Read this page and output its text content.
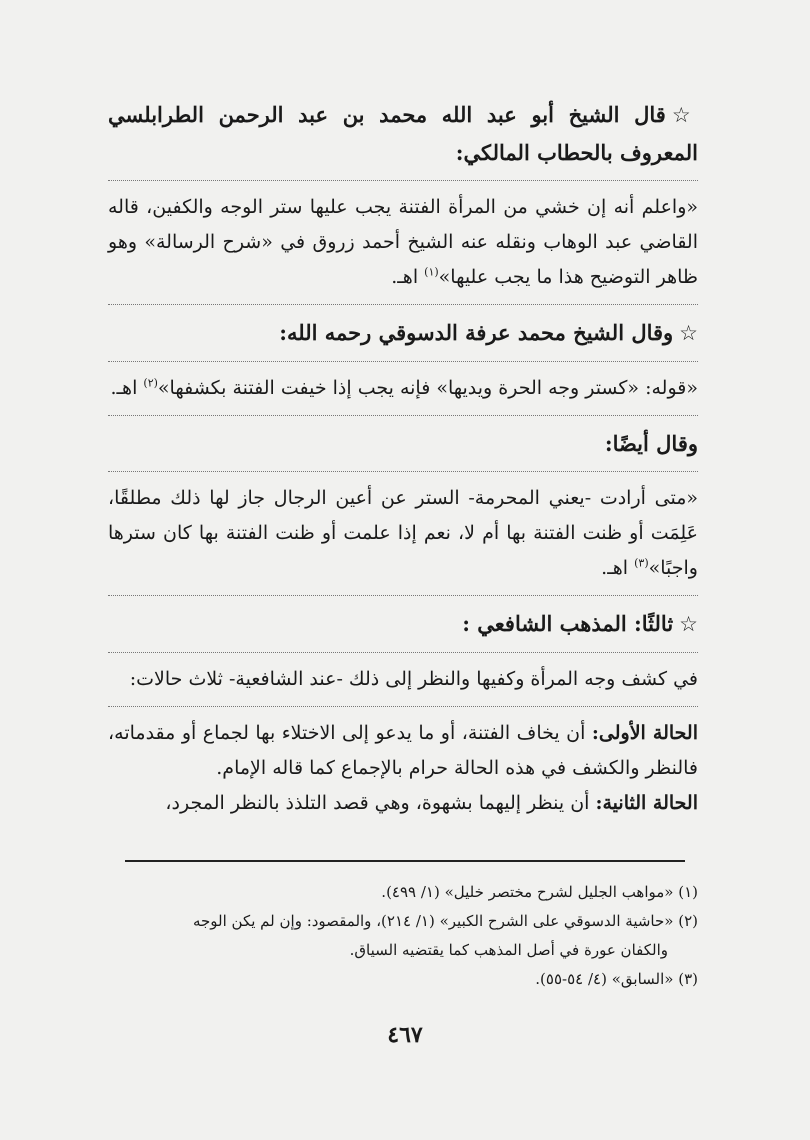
☆قال الشيخ أبو عبد الله محمد بن عبد الرحمن الطرابلسي المعروف بالحطاب المالكي:

«واعلم أنه إن خشي من المرأة الفتنة يجب عليها ستر الوجه والكفين، قاله القاضي عبد الوهاب ونقله عنه الشيخ أحمد زروق في «شرح الرسالة» وهو ظاهر التوضيح هذا ما يجب عليها»$^{(١)}$ اهـ.

☆وقال الشيخ محمد عرفة الدسوقي رحمه الله:

«قوله: «كستر وجه الحرة ويديها» فإنه يجب إذا خيفت الفتنة بكشفها»$^{(٢)}$ اهـ.

وقال أيضًا:

«متى أرادت -يعني المحرمة- الستر عن أعين الرجال جاز لها ذلك مطلقًا، عَلِمَت أو ظنت الفتنة بها أم لا، نعم إذا علمت أو ظنت الفتنة بها كان سترها واجبًا»$^{(٣)}$ اهـ.

☆ثالثًا: المذهب الشافعي :

في كشف وجه المرأة وكفيها والنظر إلى ذلك -عند الشافعية- ثلاث حالات:

الحالة الأولى: أن يخاف الفتنة، أو ما يدعو إلى الاختلاء بها لجماع أو مقدماته، فالنظر والكشف في هذه الحالة حرام بالإجماع كما قاله الإمام.

الحالة الثانية: أن ينظر إليهما بشهوة، وهي قصد التلذذ بالنظر المجرد،

(١) «مواهب الجليل لشرح مختصر خليل» (١/ ٤٩٩).

(٢) «حاشية الدسوقي على الشرح الكبير» (١/ ٢١٤)، والمقصود: وإن لم يكن الوجه

والكفان عورة في أصل المذهب كما يقتضيه السياق.

(٣) «السابق» (٤/ ٥٤-٥٥).

٤٦٧
